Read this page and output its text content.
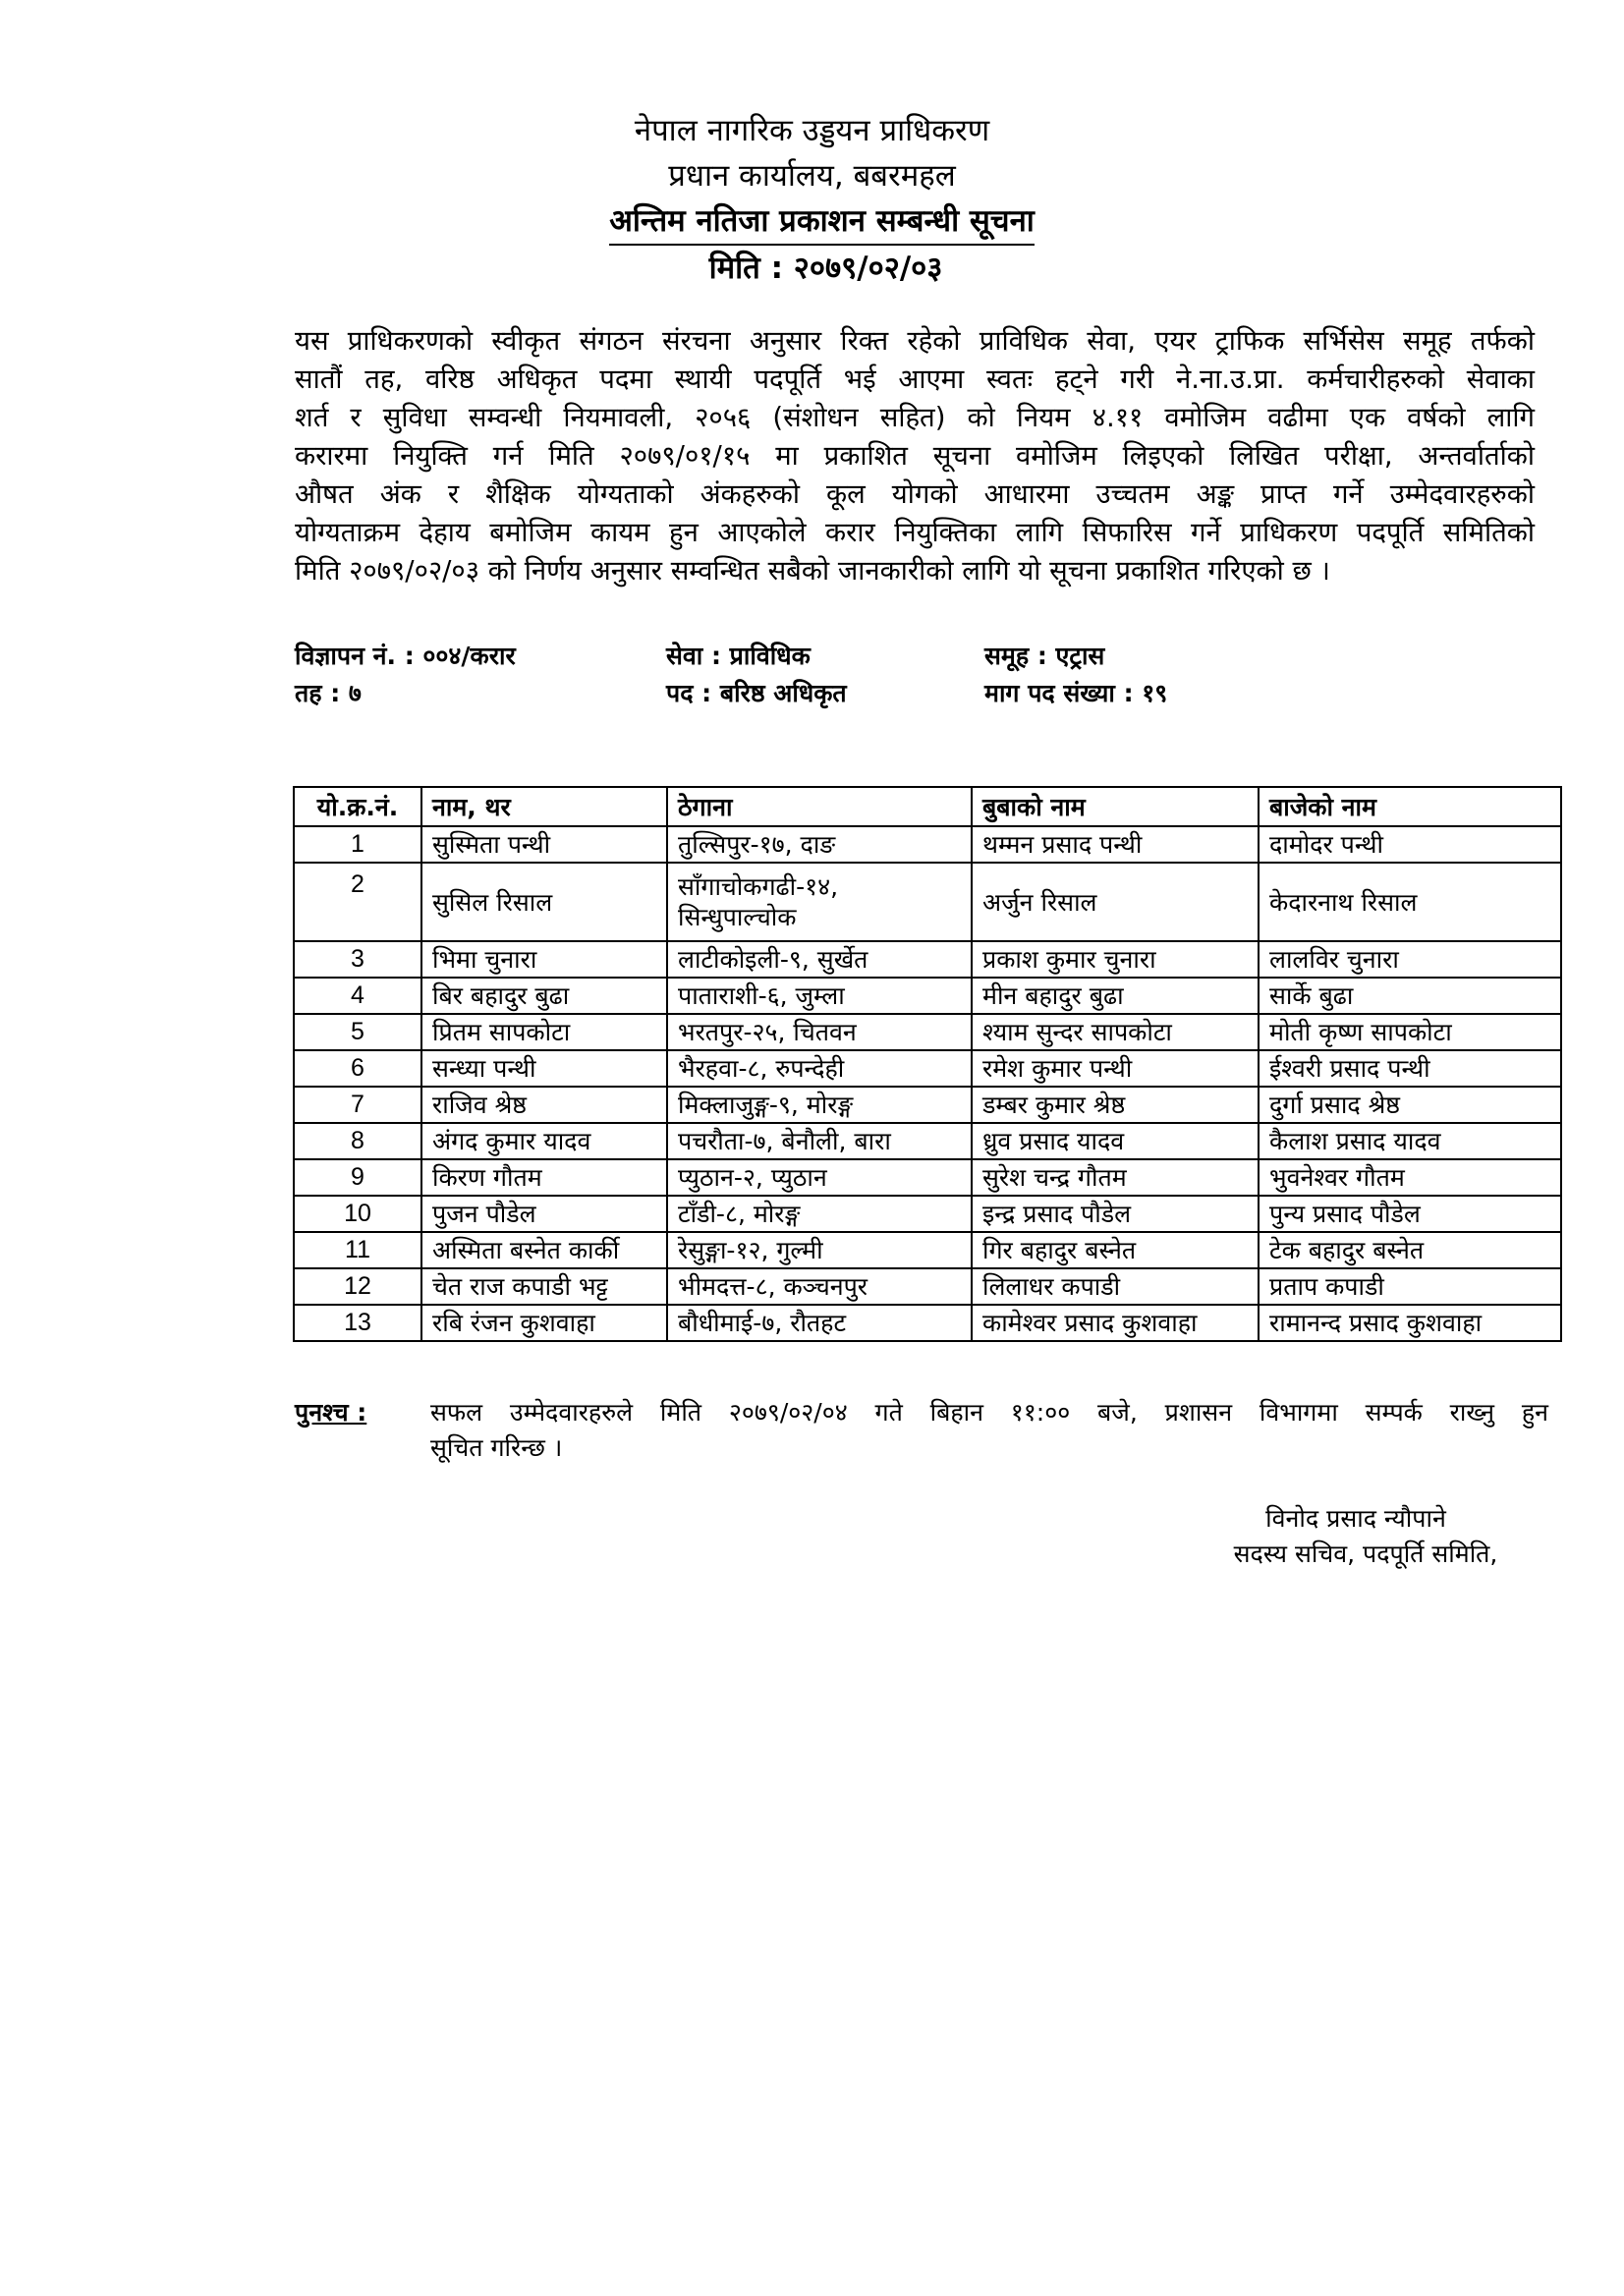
नेपाल नागरिक उड्डयन प्राधिकरण
प्रधान कार्यालय, बबरमहल
अन्तिम नतिजा प्रकाशन सम्बन्धी सूचना
मिति : २०७९/०२/०३
यस प्राधिकरणको स्वीकृत संगठन संरचना अनुसार रिक्त रहेको प्राविधिक सेवा, एयर ट्राफिक सर्भिसेस समूह तर्फको
सातौं तह, वरिष्ठ अधिकृत पदमा स्थायी पदपूर्ति भई आएमा स्वतः हट्ने गरी ने.ना.उ.प्रा. कर्मचारीहरुको सेवाका
शर्त र सुविधा सम्वन्धी नियमावली, २०५६ (संशोधन सहित) को नियम ४.११ वमोजिम वढीमा एक वर्षको लागि
करारमा नियुक्ति गर्न मिति २०७९/०१/१५ मा प्रकाशित सूचना वमोजिम लिइएको लिखित परीक्षा, अन्तर्वार्ताको
औषत अंक र शैक्षिक योग्यताको अंकहरुको कूल योगको आधारमा उच्चतम अङ्क प्राप्त गर्ने उम्मेदवारहरुको
योग्यताक्रम देहाय बमोजिम कायम हुन आएकोले करार नियुक्तिका लागि सिफारिस गर्ने प्राधिकरण पदपूर्ति समितिको
मिति २०७९/०२/०३ को निर्णय अनुसार सम्वन्धित सबैको जानकारीको लागि यो सूचना प्रकाशित गरिएको छ ।
विज्ञापन नं. : ००४/करार	सेवा : प्राविधिक	समूह : एट्रास
तह : ७	पद : बरिष्ठ अधिकृत	माग पद संख्या : १९
यो.क्र.नं.	नाम, थर	ठेगाना	बुबाको नाम	बाजेको नाम
1	सुस्मिता पन्थी	तुल्सिपुर-१७, दाङ	थम्मन प्रसाद पन्थी	दामोदर पन्थी
2	सुसिल रिसाल	साँगाचोकगढी-१४, सिन्धुपाल्चोक	अर्जुन रिसाल	केदारनाथ रिसाल
3	भिमा चुनारा	लाटीकोइली-९, सुर्खेत	प्रकाश कुमार चुनारा	लालविर चुनारा
4	बिर बहादुर बुढा	पाताराशी-६, जुम्ला	मीन बहादुर बुढा	सार्के बुढा
5	प्रितम सापकोटा	भरतपुर-२५, चितवन	श्याम सुन्दर सापकोटा	मोती कृष्ण सापकोटा
6	सन्ध्या पन्थी	भैरहवा-८, रुपन्देही	रमेश कुमार पन्थी	ईश्वरी प्रसाद पन्थी
7	राजिव श्रेष्ठ	मिक्लाजुङ्ग-९, मोरङ्ग	डम्बर कुमार श्रेष्ठ	दुर्गा प्रसाद श्रेष्ठ
8	अंगद कुमार यादव	पचरौता-७, बेनौली, बारा	ध्रुव प्रसाद यादव	कैलाश प्रसाद यादव
9	किरण गौतम	प्युठान-२, प्युठान	सुरेश चन्द्र गौतम	भुवनेश्वर गौतम
10	पुजन पौडेल	टाँडी-८, मोरङ्ग	इन्द्र प्रसाद पौडेल	पुन्य प्रसाद पौडेल
11	अस्मिता बस्नेत कार्की	रेसुङ्गा-१२, गुल्मी	गिर बहादुर बस्नेत	टेक बहादुर बस्नेत
12	चेत राज कपाडी भट्ट	भीमदत्त-८, कञ्चनपुर	लिलाधर कपाडी	प्रताप कपाडी
13	रबि रंजन कुशवाहा	बौधीमाई-७, रौतहट	कामेश्वर प्रसाद कुशवाहा	रामानन्द प्रसाद कुशवाहा
पुनश्च :	सफल उम्मेदवारहरुले मिति २०७९/०२/०४ गते बिहान ११:०० बजे, प्रशासन विभागमा सम्पर्क राख्नु हुन
सूचित गरिन्छ ।
विनोद प्रसाद न्यौपाने
सदस्य सचिव, पदपूर्ति समिति,
